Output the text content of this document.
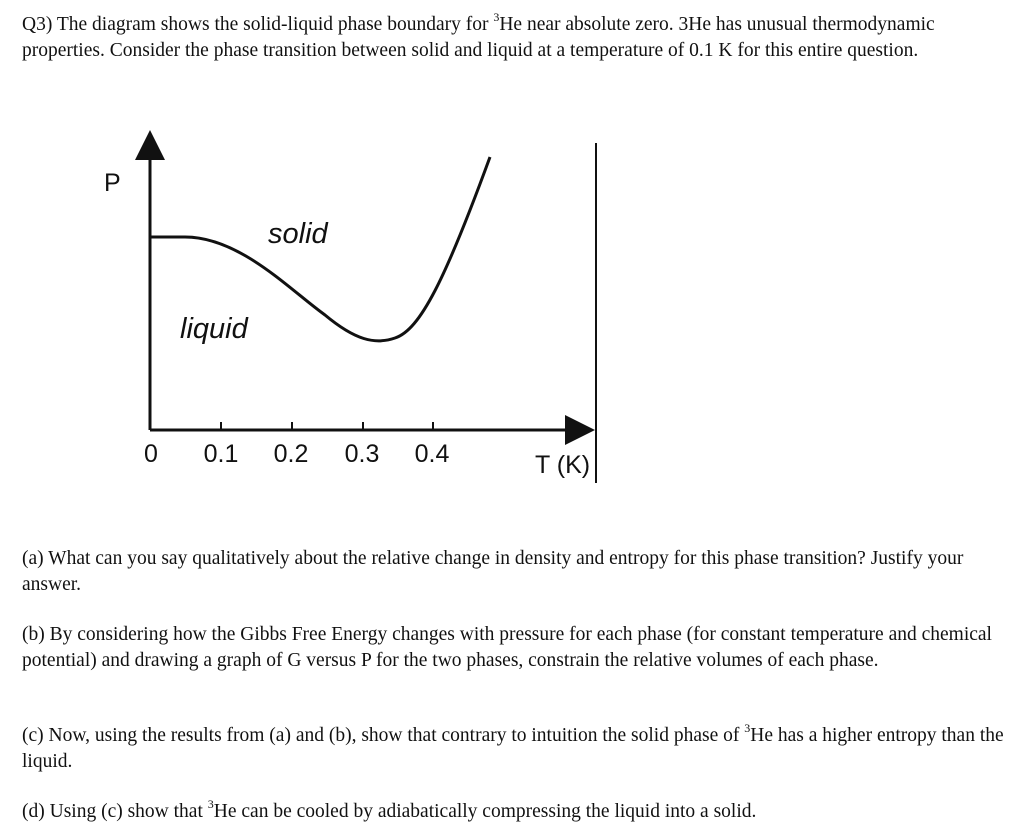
Q3) The diagram shows the solid-liquid phase boundary for $^3$He near absolute zero. 3He has unusual thermodynamic properties. Consider the phase transition between solid and liquid at a temperature of 0.1 K for this entire question.

P
solid
liquid
0 0.1 0.2 0.3 0.4	T (K)

(a) What can you say qualitatively about the relative change in density and entropy for this phase transition? Justify your answer.

(b) By considering how the Gibbs Free Energy changes with pressure for each phase (for constant temperature and chemical potential) and drawing a graph of G versus P for the two phases, constrain the relative volumes of each phase.

(c) Now, using the results from (a) and (b), show that contrary to intuition the solid phase of $^3$He has a higher entropy than the liquid.

(d) Using (c) show that $^3$He can be cooled by adiabatically compressing the liquid into a solid.
